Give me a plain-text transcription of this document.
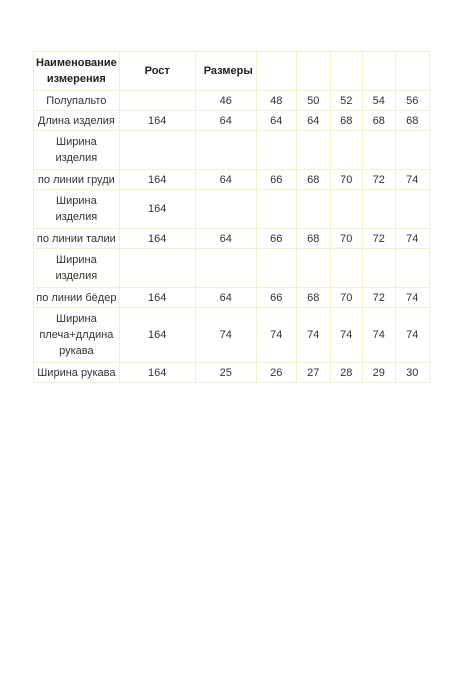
Наименование измерения	Рост	Размеры					
Полупальто		46	48	50	52	54	56
Длина изделия	164	64	64	64	68	68	68
Ширина изделия							
по линии груди	164	64	66	68	70	72	74
Ширина изделия	164						
по линии талии	164	64	66	68	70	72	74
Ширина изделия							
по линии бёдер	164	64	66	68	70	72	74
Ширина плеча+длдина рукава	164	74	74	74	74	74	74
Ширина рукава	164	25	26	27	28	29	30
